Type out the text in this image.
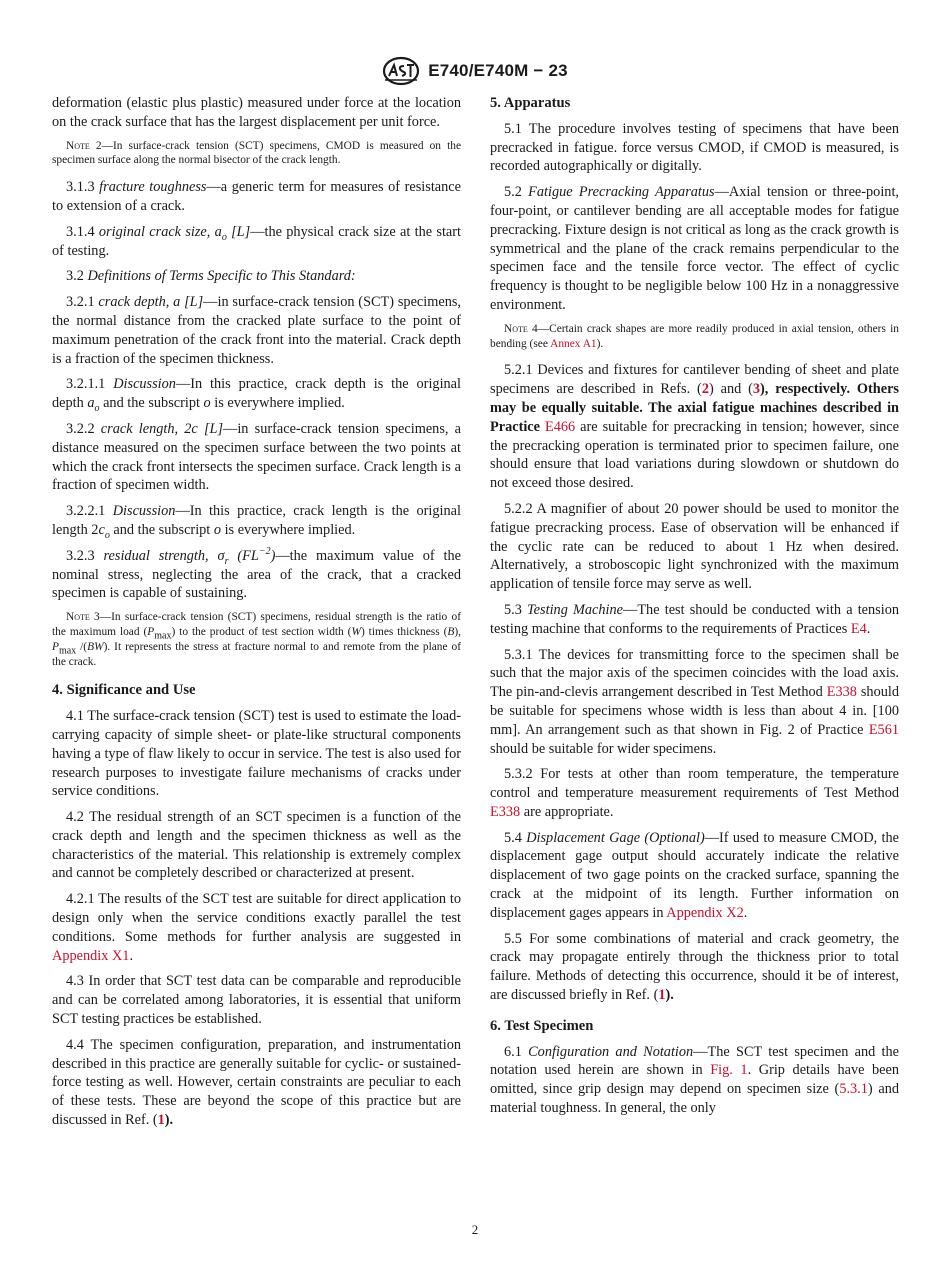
E740/E740M − 23

deformation (elastic plus plastic) measured under force at the location on the crack surface that has the largest displacement per unit force.

Note 2—In surface-crack tension (SCT) specimens, CMOD is measured on the specimen surface along the normal bisector of the crack length.

3.1.3 fracture toughness—a generic term for measures of resistance to extension of a crack.

3.1.4 original crack size, $a_o$ [L]—the physical crack size at the start of testing.

3.2 Definitions of Terms Specific to This Standard:

3.2.1 crack depth, a [L]—in surface-crack tension (SCT) specimens, the normal distance from the cracked plate surface to the point of maximum penetration of the crack front into the material. Crack depth is a fraction of the specimen thickness.

3.2.1.1 Discussion—In this practice, crack depth is the original depth $a_o$ and the subscript o is everywhere implied.

3.2.2 crack length, 2c [L]—in surface-crack tension specimens, a distance measured on the specimen surface between the two points at which the crack front intersects the specimen surface. Crack length is a fraction of specimen width.

3.2.2.1 Discussion—In this practice, crack length is the original length $2c_o$ and the subscript o is everywhere implied.

3.2.3 residual strength, $\sigma_r$ $(FL^{-2})—the$ maximum value of the nominal stress, neglecting the area of the crack, that a cracked specimen is capable of sustaining.

Note 3—In surface-crack tension (SCT) specimens, residual strength is the ratio of the maximum load $(P_{max})$ to the product of test section width (W) times thickness (B), $P_{max}$ /(BW). It represents the stress at fracture normal to and remote from the plane of the crack.
4. Significance and Use

4.1 The surface-crack tension (SCT) test is used to estimate the load-carrying capacity of simple sheet- or plate-like structural components having a type of flaw likely to occur in service. The test is also used for research purposes to investigate failure mechanisms of cracks under service conditions.

4.2 The residual strength of an SCT specimen is a function of the crack depth and length and the specimen thickness as well as the characteristics of the material. This relationship is extremely complex and cannot be completely described or characterized at present.

4.2.1 The results of the SCT test are suitable for direct application to design only when the service conditions exactly parallel the test conditions. Some methods for further analysis are suggested in Appendix X1.

4.3 In order that SCT test data can be comparable and reproducible and can be correlated among laboratories, it is essential that uniform SCT testing practices be established.

4.4 The specimen configuration, preparation, and instrumentation described in this practice are generally suitable for cyclic- or sustained-force testing as well. However, certain constraints are peculiar to each of these tests. These are beyond the scope of this practice but are discussed in Ref. (1).

5. Apparatus

5.1 The procedure involves testing of specimens that have been precracked in fatigue. force versus CMOD, if CMOD is measured, is recorded autographically or digitally.

5.2 Fatigue Precracking Apparatus—Axial tension or three-point, four-point, or cantilever bending are all acceptable modes for fatigue precracking. Fixture design is not critical as long as the crack growth is symmetrical and the plane of the crack remains perpendicular to the specimen face and the tensile force vector. The effect of cyclic frequency is thought to be negligible below 100 Hz in a nonaggressive environment.

Note 4—Certain crack shapes are more readily produced in axial tension, others in bending (see Annex A1).

5.2.1 Devices and fixtures for cantilever bending of sheet and plate specimens are described in Refs. (2) and (3), respectively. Others may be equally suitable. The axial fatigue machines described in Practice E466 are suitable for precracking in tension; however, since the precracking operation is terminated prior to specimen failure, one should ensure that load variations during slowdown or shutdown do not exceed those desired.

5.2.2 A magnifier of about 20 power should be used to monitor the fatigue precracking process. Ease of observation will be enhanced if the cyclic rate can be reduced to about 1 Hz when desired. Alternatively, a stroboscopic light synchronized with the maximum application of tensile force may serve as well.

5.3 Testing Machine—The test should be conducted with a tension testing machine that conforms to the requirements of Practices E4.

5.3.1 The devices for transmitting force to the specimen shall be such that the major axis of the specimen coincides with the load axis. The pin-and-clevis arrangement described in Test Method E338 should be suitable for specimens whose width is less than about 4 in. [100 mm]. An arrangement such as that shown in Fig. 2 of Practice E561 should be suitable for wider specimens.

5.3.2 For tests at other than room temperature, the temperature control and temperature measurement requirements of Test Method E338 are appropriate.

5.4 Displacement Gage (Optional)—If used to measure CMOD, the displacement gage output should accurately indicate the relative displacement of two gage points on the cracked surface, spanning the crack at the midpoint of its length. Further information on displacement gages appears in Appendix X2.

5.5 For some combinations of material and crack geometry, the crack may propagate entirely through the thickness prior to total failure. Methods of detecting this occurrence, should it be of interest, are discussed briefly in Ref. (1).

6. Test Specimen

6.1 Configuration and Notation—The SCT test specimen and the notation used herein are shown in Fig. 1. Grip details have been omitted, since grip design may depend on specimen size (5.3.1) and material toughness. In general, the only

2
